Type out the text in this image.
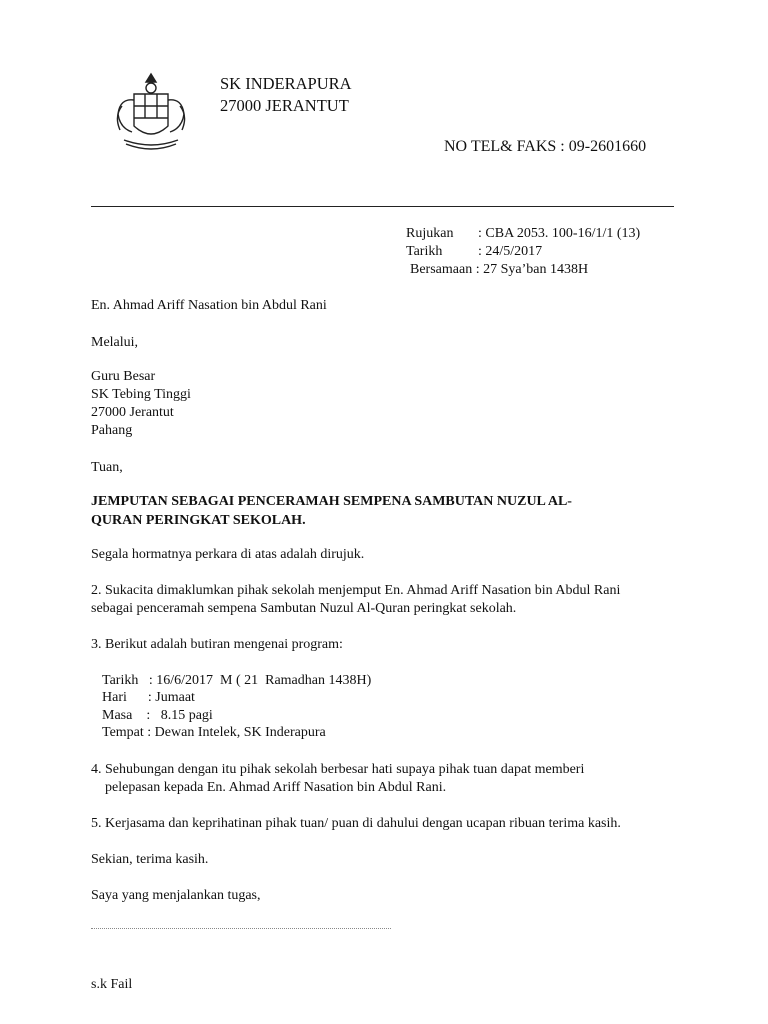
SK INDERAPURA
27000 JERANTUT
NO TEL& FAKS : 09-2601660
Rujukan : CBA 2053. 100-16/1/1 (13)
Tarikh	: 24/5/2017
Bersamaan : 27 Sya’ban 1438H
En. Ahmad Ariff Nasation bin Abdul Rani
Melalui,
Guru Besar
SK Tebing Tinggi
27000 Jerantut
Pahang
Tuan,
JEMPUTAN SEBAGAI PENCERAMAH SEMPENA SAMBUTAN NUZUL AL-
QURAN PERINGKAT SEKOLAH.
Segala hormatnya perkara di atas adalah dirujuk.
2. Sukacita dimaklumkan pihak sekolah menjemput En. Ahmad Ariff Nasation bin Abdul Rani
sebagai penceramah sempena Sambutan Nuzul Al-Quran peringkat sekolah.
3. Berikut adalah butiran mengenai program:
Tarikh   : 16/6/2017  M ( 21  Ramadhan 1438H)
Hari      : Jumaat
Masa    :   8.15 pagi
Tempat : Dewan Intelek, SK Inderapura
4. Sehubungan dengan itu pihak sekolah berbesar hati supaya pihak tuan dapat memberi
pelepasan kepada En. Ahmad Ariff Nasation bin Abdul Rani.
5. Kerjasama dan keprihatinan pihak tuan/ puan di dahului dengan ucapan ribuan terima kasih.
Sekian, terima kasih.
Saya yang menjalankan tugas,
s.k Fail
